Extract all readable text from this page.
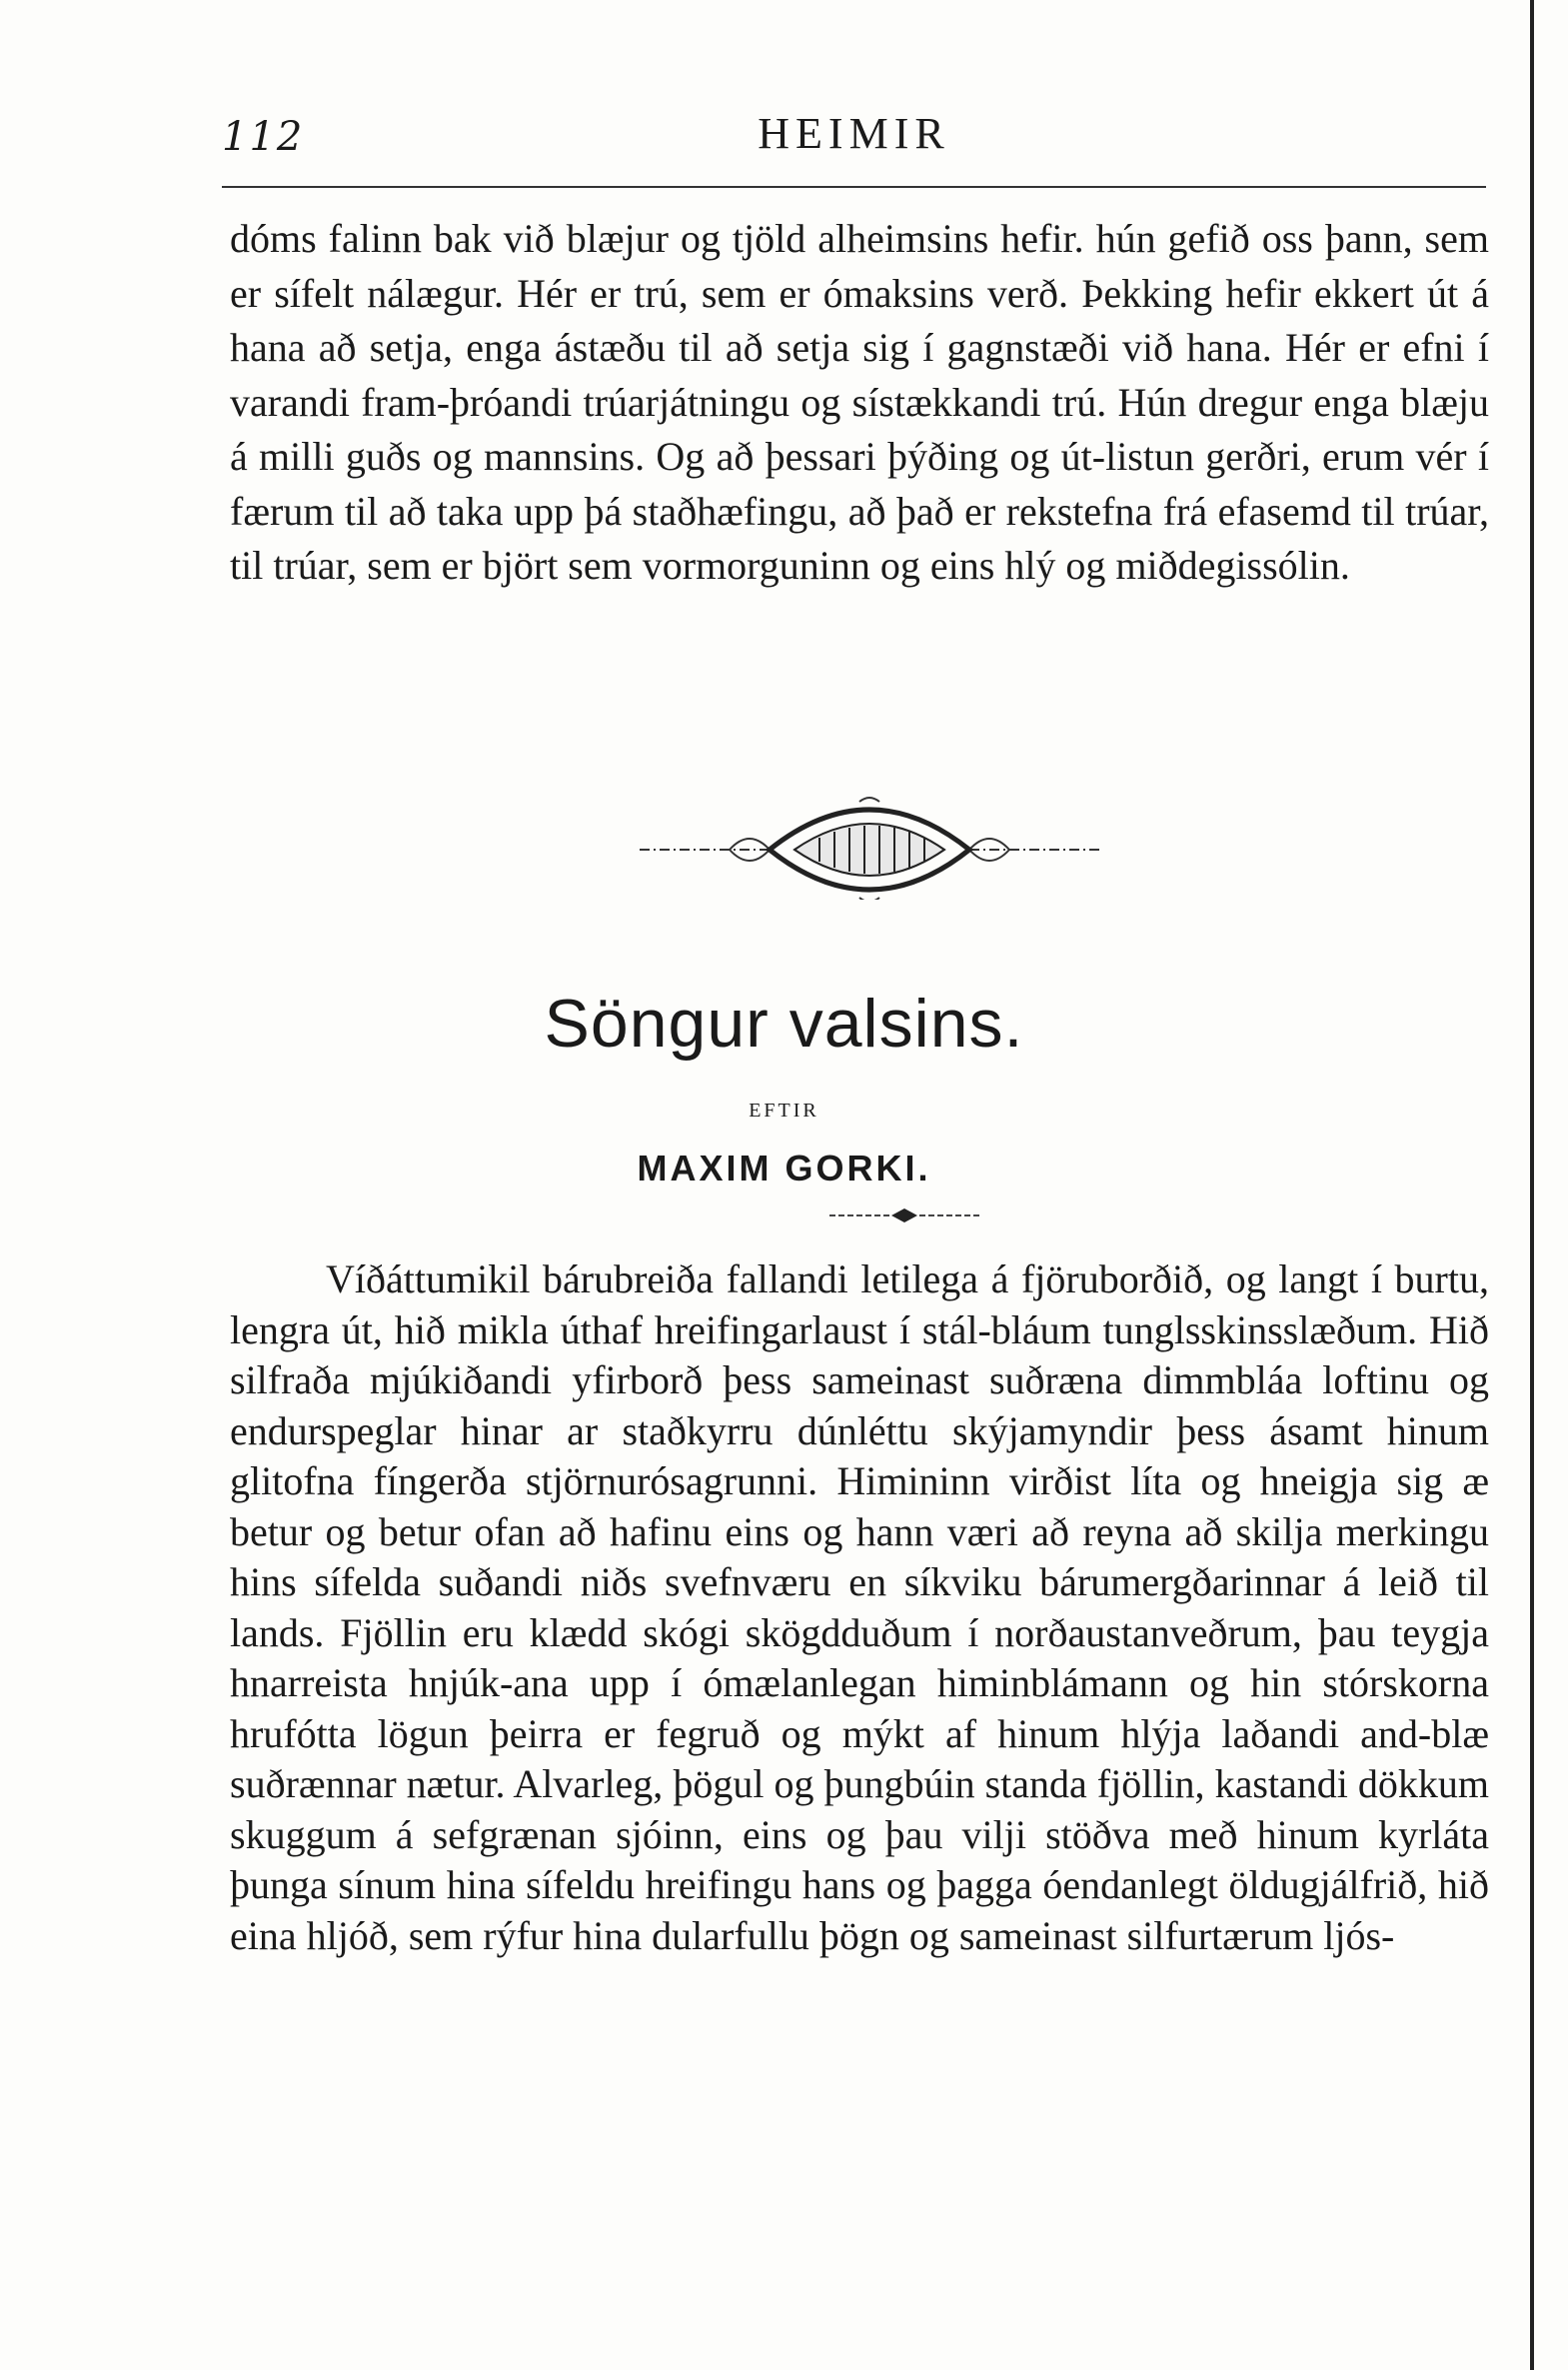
112	HEIMIR

dóms falinn bak við blæjur og tjöld alheimsins hefir. hún gefið oss þann, sem er sífelt nálægur. Hér er trú, sem er ómaksins verð. Þekking hefir ekkert út á hana að setja, enga ástæðu til að setja sig í gagnstæði við hana. Hér er efni í varandi fram-þróandi trúarjátningu og sístækkandi trú. Hún dregur enga blæju á milli guðs og mannsins. Og að þessari þýðing og út-listun gerðri, erum vér í færum til að taka upp þá staðhæfingu, að það er rekstefna frá efasemd til trúar, til trúar, sem er björt sem vormorguninn og eins hlý og miðdegissólin.

Söngur valsins.
EFTIR
MAXIM GORKI.

Víðáttumikil bárubreiða fallandi letilega á fjöruborðið, og langt í burtu, lengra út, hið mikla úthaf hreifingarlaust í stál-bláum tunglsskinsslæðum. Hið silfraða mjúkiðandi yfirborð þess sameinast suðræna dimmbláa loftinu og endurspeglar hinar ar staðkyrru dúnléttu skýjamyndir þess ásamt hinum glitofna fíngerða stjörnurósagrunni. Himininn virðist líta og hneigja sig æ betur og betur ofan að hafinu eins og hann væri að reyna að skilja merkingu hins sífelda suðandi niðs svefnværu en síkviku bárumergðarinnar á leið til lands. Fjöllin eru klædd skógi skögdduðum í norðaustanveðrum, þau teygja hnarreista hnjúk-ana upp í ómælanlegan himinblámann og hin stórskorna hrufótta lögun þeirra er fegruð og mýkt af hinum hlýja laðandi and-blæ suðrænnar nætur. Alvarleg, þögul og þungbúin standa fjöllin, kastandi dökkum skuggum á sefgrænan sjóinn, eins og þau vilji stöðva með hinum kyrláta þunga sínum hina sífeldu hreifingu hans og þagga óendanlegt öldugjálfrið, hið eina hljóð, sem rýfur hina dularfullu þögn og sameinast silfurtærum ljós-
